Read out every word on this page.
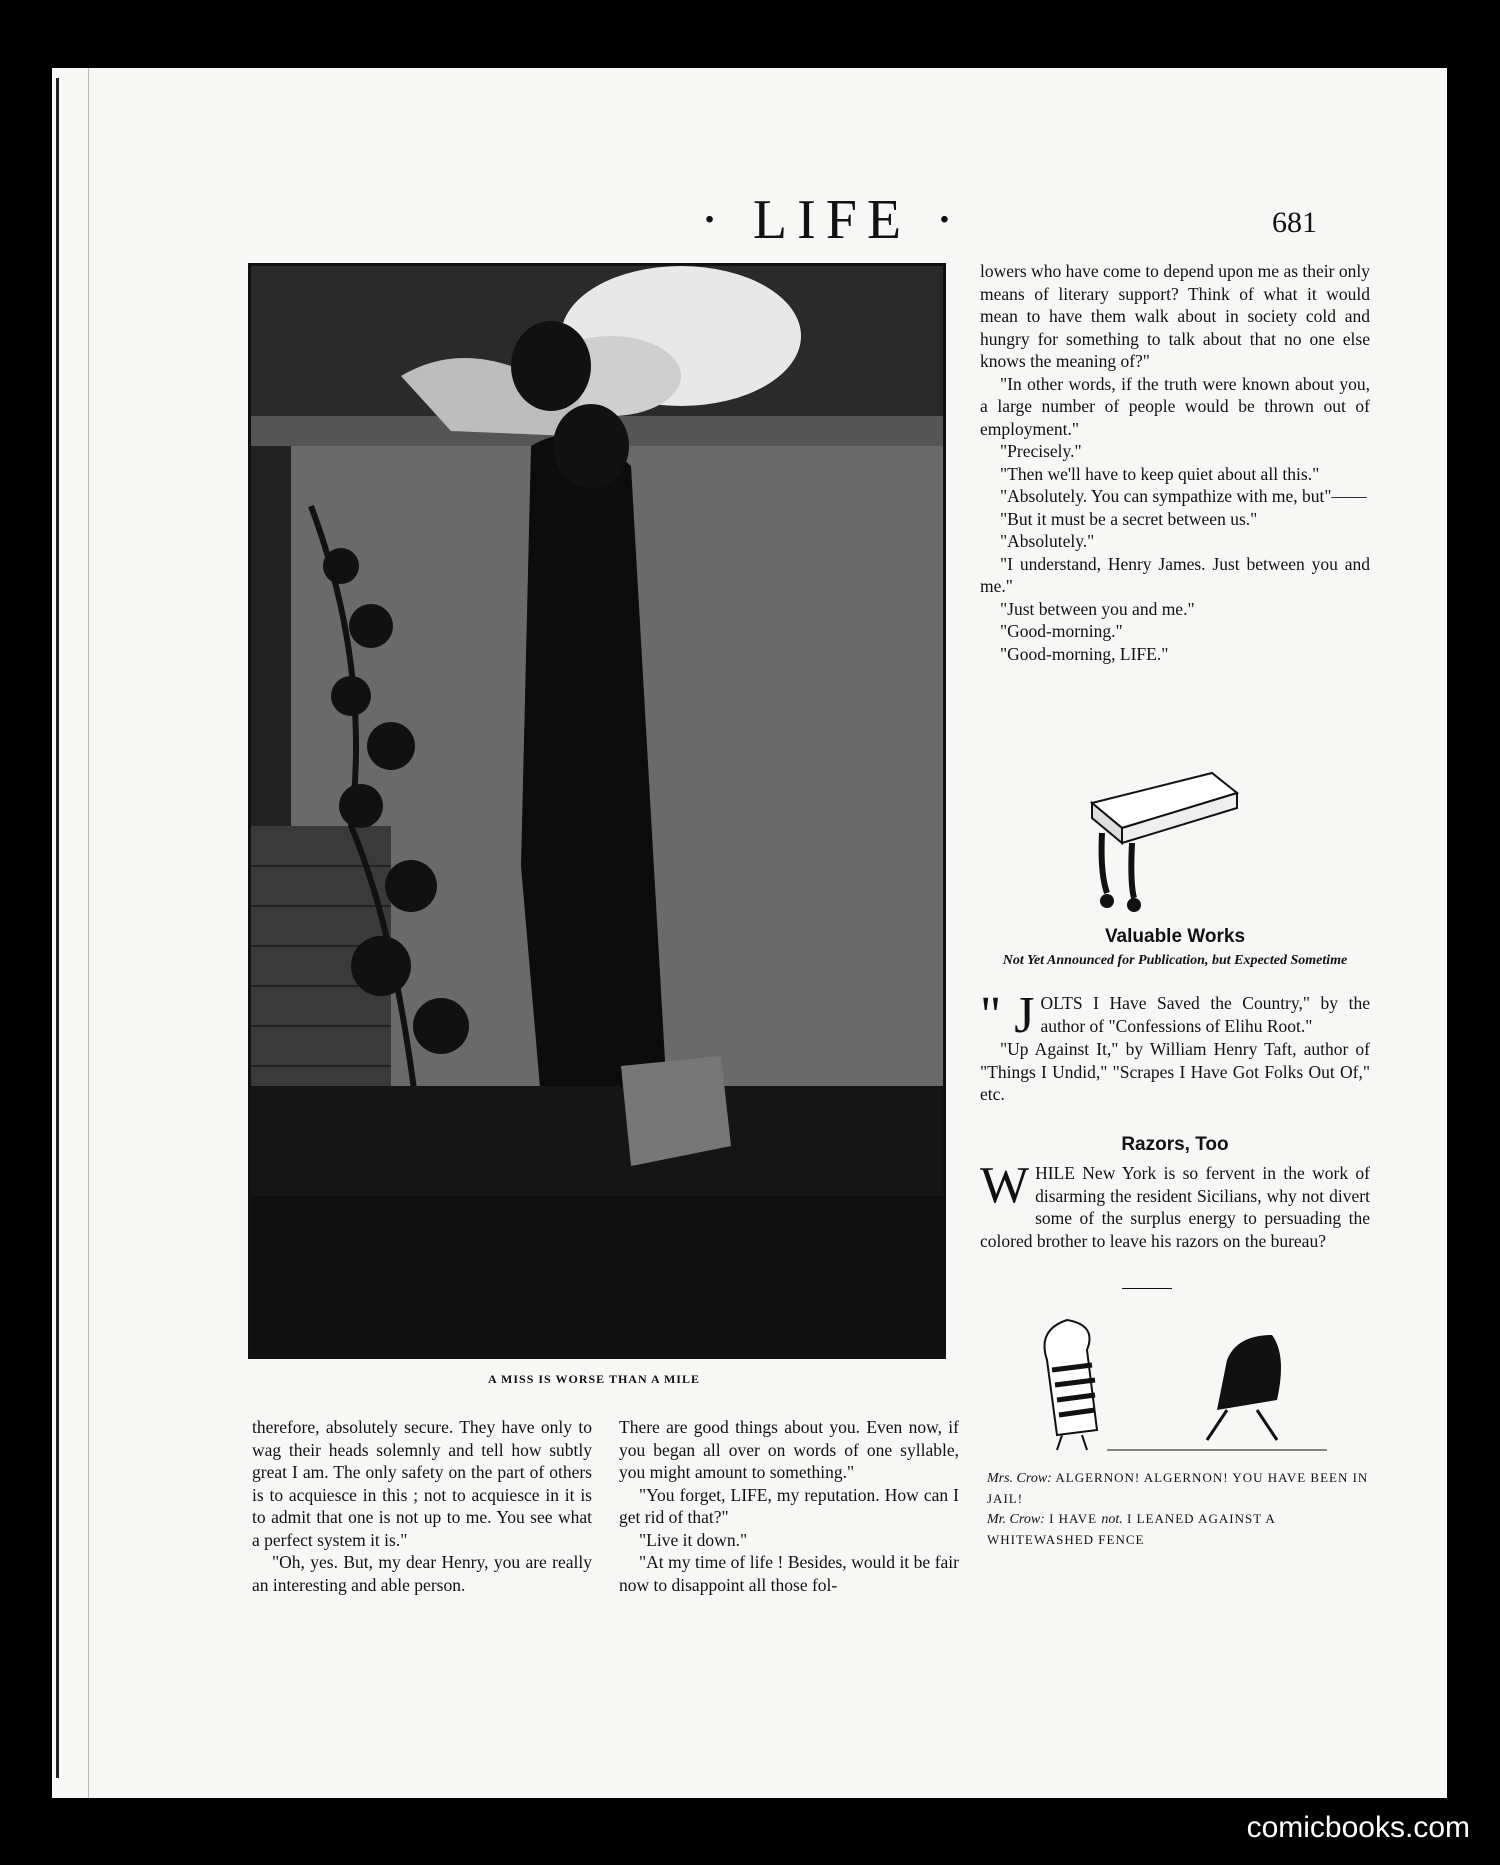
· LIFE ·	681
A MISS IS WORSE THAN A MILE

therefore, absolutely secure. They have only to wag their heads solemnly and tell how subtly great I am. The only safety on the part of others is to acquiesce in this ; not to acquiesce in it is to admit that one is not up to me. You see what a perfect system it is."

"Oh, yes. But, my dear Henry, you are really an interesting and able person.

There are good things about you. Even now, if you began all over on words of one syllable, you might amount to something."

"You forget, LIFE, my reputation. How can I get rid of that?"

"Live it down."

"At my time of life ! Besides, would it be fair now to disappoint all those fol-

lowers who have come to depend upon me as their only means of literary support? Think of what it would mean to have them walk about in society cold and hungry for something to talk about that no one else knows the meaning of?"

"In other words, if the truth were known about you, a large number of people would be thrown out of employment."

"Precisely."

"Then we'll have to keep quiet about all this."

"Absolutely. You can sympathize with me, but"——

"But it must be a secret between us."

"Absolutely."

"I understand, Henry James. Just between you and me."

"Just between you and me."

"Good-morning."

"Good-morning, LIFE."

Valuable Works
Not Yet Announced for Publication, but Expected Sometime

" J OLTS I Have Saved the Country," by the author of "Confessions of Elihu Root."

"Up Against It," by William Henry Taft, author of "Things I Undid," "Scrapes I Have Got Folks Out Of," etc.

Razors, Too
WHILE New York is so fervent in the work of disarming the resident Sicilians, why not divert some of the surplus energy to persuading the colored brother to leave his razors on the bureau?
Mrs. Crow: ALGERNON! ALGERNON! YOU HAVE BEEN IN JAIL!
Mr. Crow: I HAVE not. I LEANED AGAINST A WHITEWASHED FENCE
comicbooks.com
